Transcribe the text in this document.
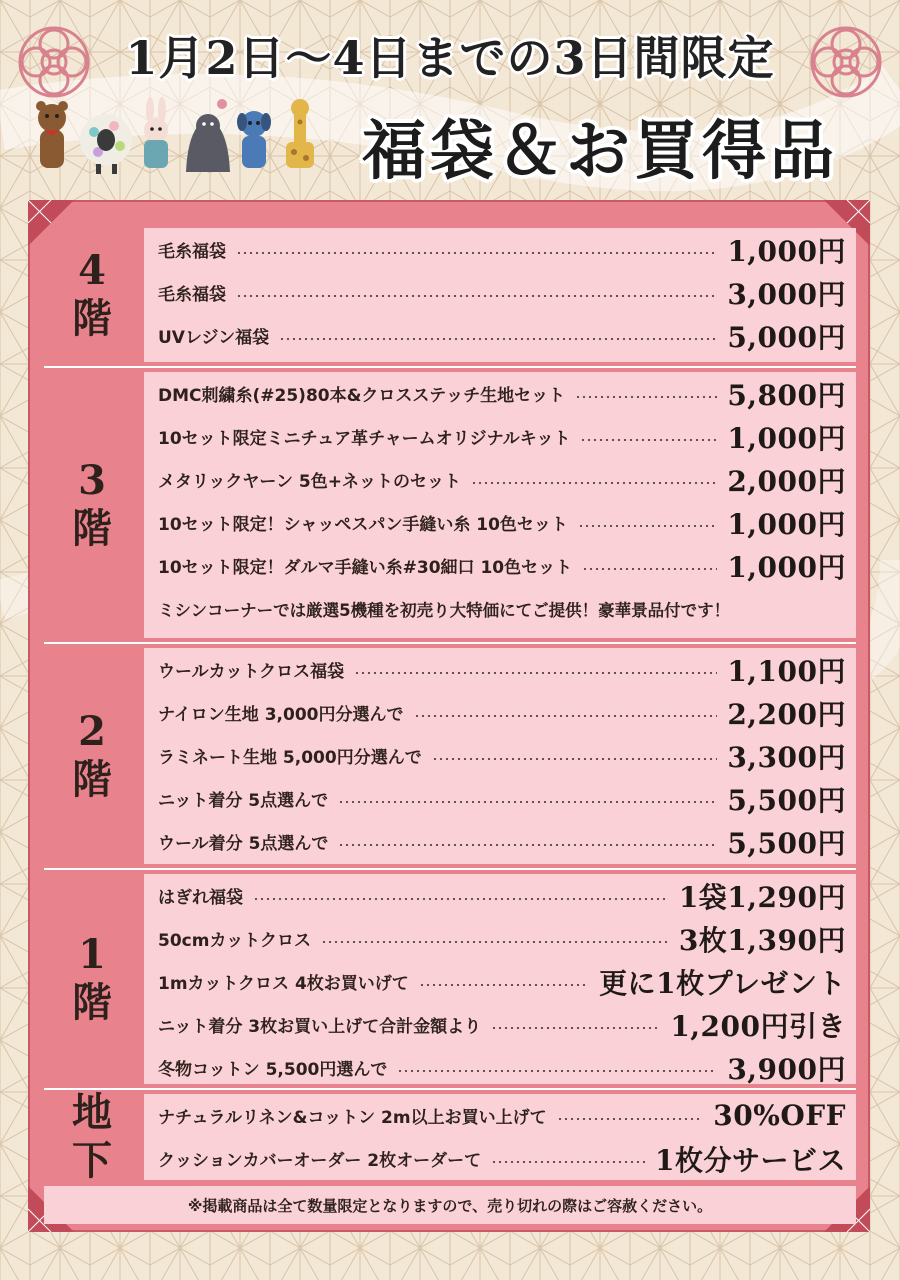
1月2日〜4日までの3日間限定
福袋＆お買得品
4
階
毛糸福袋	1,000円
毛糸福袋	3,000円
UVレジン福袋	5,000円
3
階
DMC刺繍糸(#25)80本&クロスステッチ生地セット	5,800円
10セット限定ミニチュア革チャームオリジナルキット	1,000円
メタリックヤーン 5色+ネットのセット	2,000円
10セット限定！シャッペスパン手縫い糸 10色セット	1,000円
10セット限定！ダルマ手縫い糸#30細口 10色セット	1,000円
ミシンコーナーでは厳選5機種を初売り大特価にてご提供！豪華景品付です！
2
階
ウールカットクロス福袋	1,100円
ナイロン生地 3,000円分選んで	2,200円
ラミネート生地 5,000円分選んで	3,300円
ニット着分 5点選んで	5,500円
ウール着分 5点選んで	5,500円
1
階
はぎれ福袋	1袋1,290円
50cmカットクロス	3枚1,390円
1mカットクロス 4枚お買いげて	更に1枚プレゼント
ニット着分 3枚お買い上げて合計金額より	1,200円引き
冬物コットン 5,500円選んで	3,900円
地
下
ナチュラルリネン&コットン 2m以上お買い上げて	30%OFF
クッションカバーオーダー 2枚オーダーて	1枚分サービス
※掲載商品は全て数量限定となりますので、売り切れの際はご容赦ください。
